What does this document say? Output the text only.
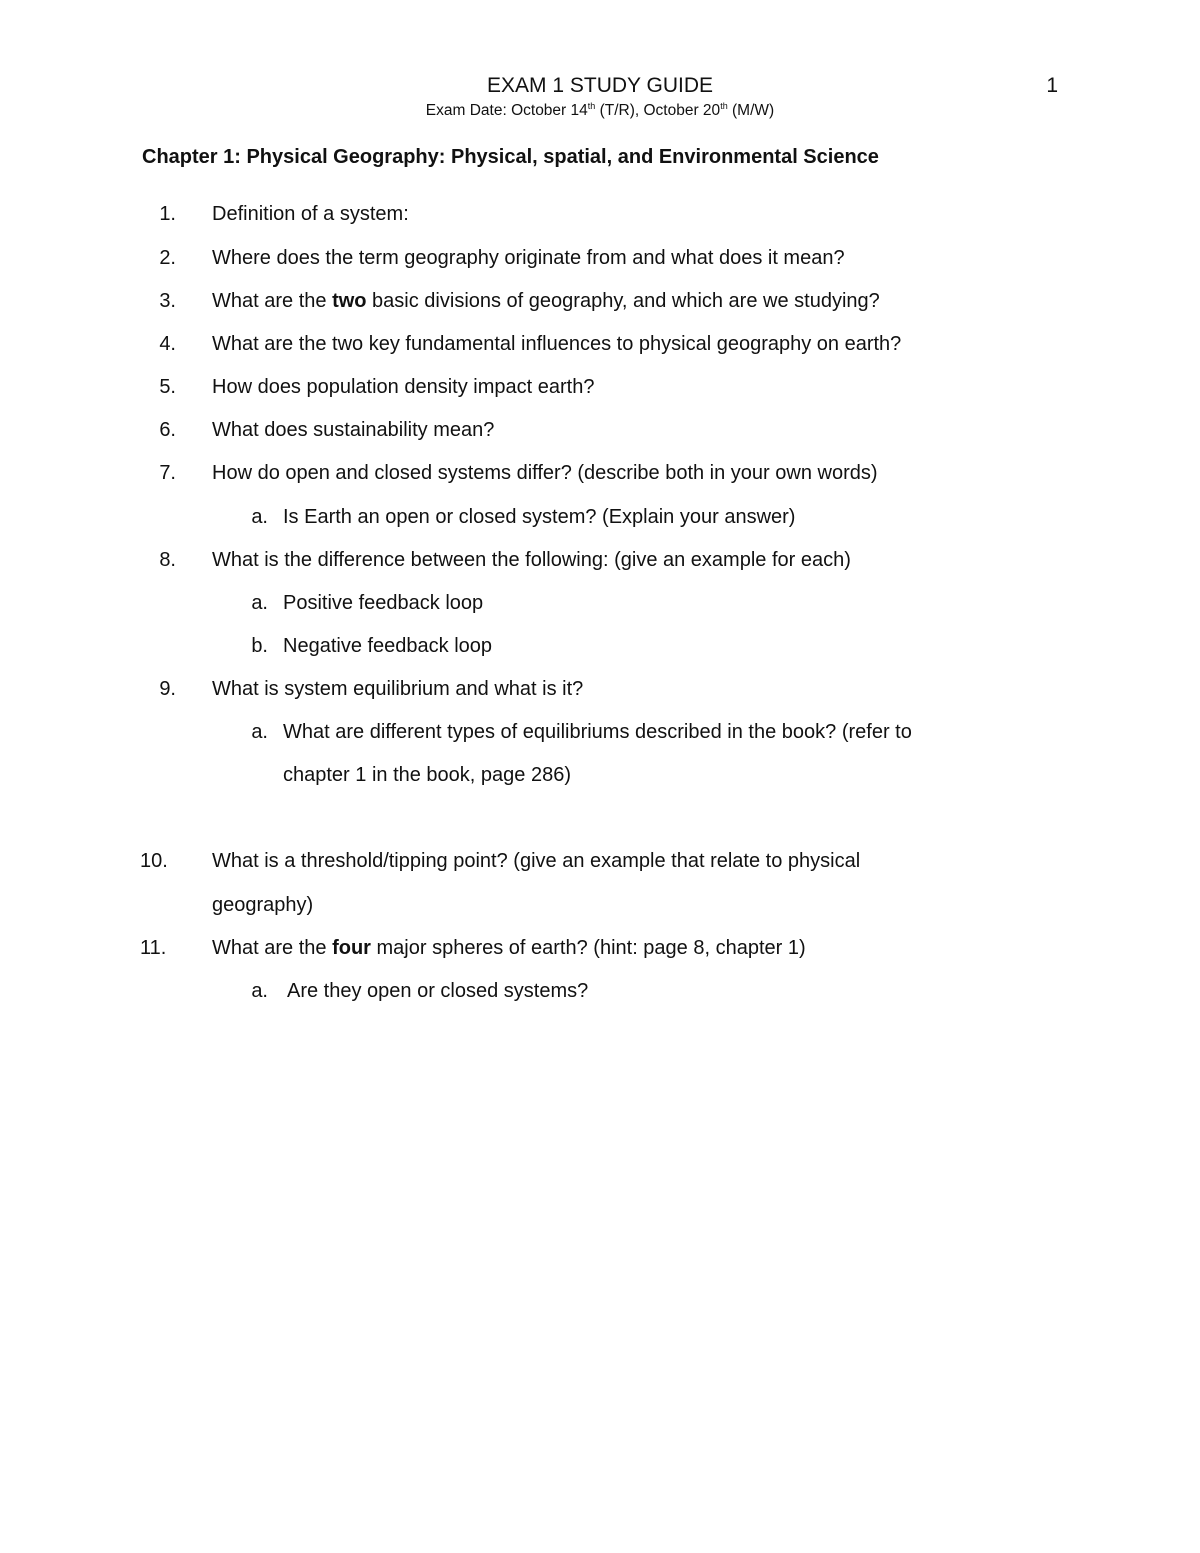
EXAM 1 STUDY GUIDE	1
Exam Date: October 14th (T/R), October 20th (M/W)
Chapter 1: Physical Geography: Physical, spatial, and Environmental Science
1. Definition of a system:
2. Where does the term geography originate from and what does it mean?
3. What are the two basic divisions of geography, and which are we studying?
4. What are the two key fundamental influences to physical geography on earth?
5. How does population density impact earth?
6. What does sustainability mean?
7. How do open and closed systems differ? (describe both in your own words)
a. Is Earth an open or closed system? (Explain your answer)
8. What is the difference between the following: (give an example for each)
a. Positive feedback loop
b. Negative feedback loop
9. What is system equilibrium and what is it?
a. What are different types of equilibriums described in the book? (refer to
chapter 1 in the book, page 286)
10.	What is a threshold/tipping point? (give an example that relate to physical
geography)
11.	What are the four major spheres of earth? (hint: page 8, chapter 1)
a. Are they open or closed systems?
